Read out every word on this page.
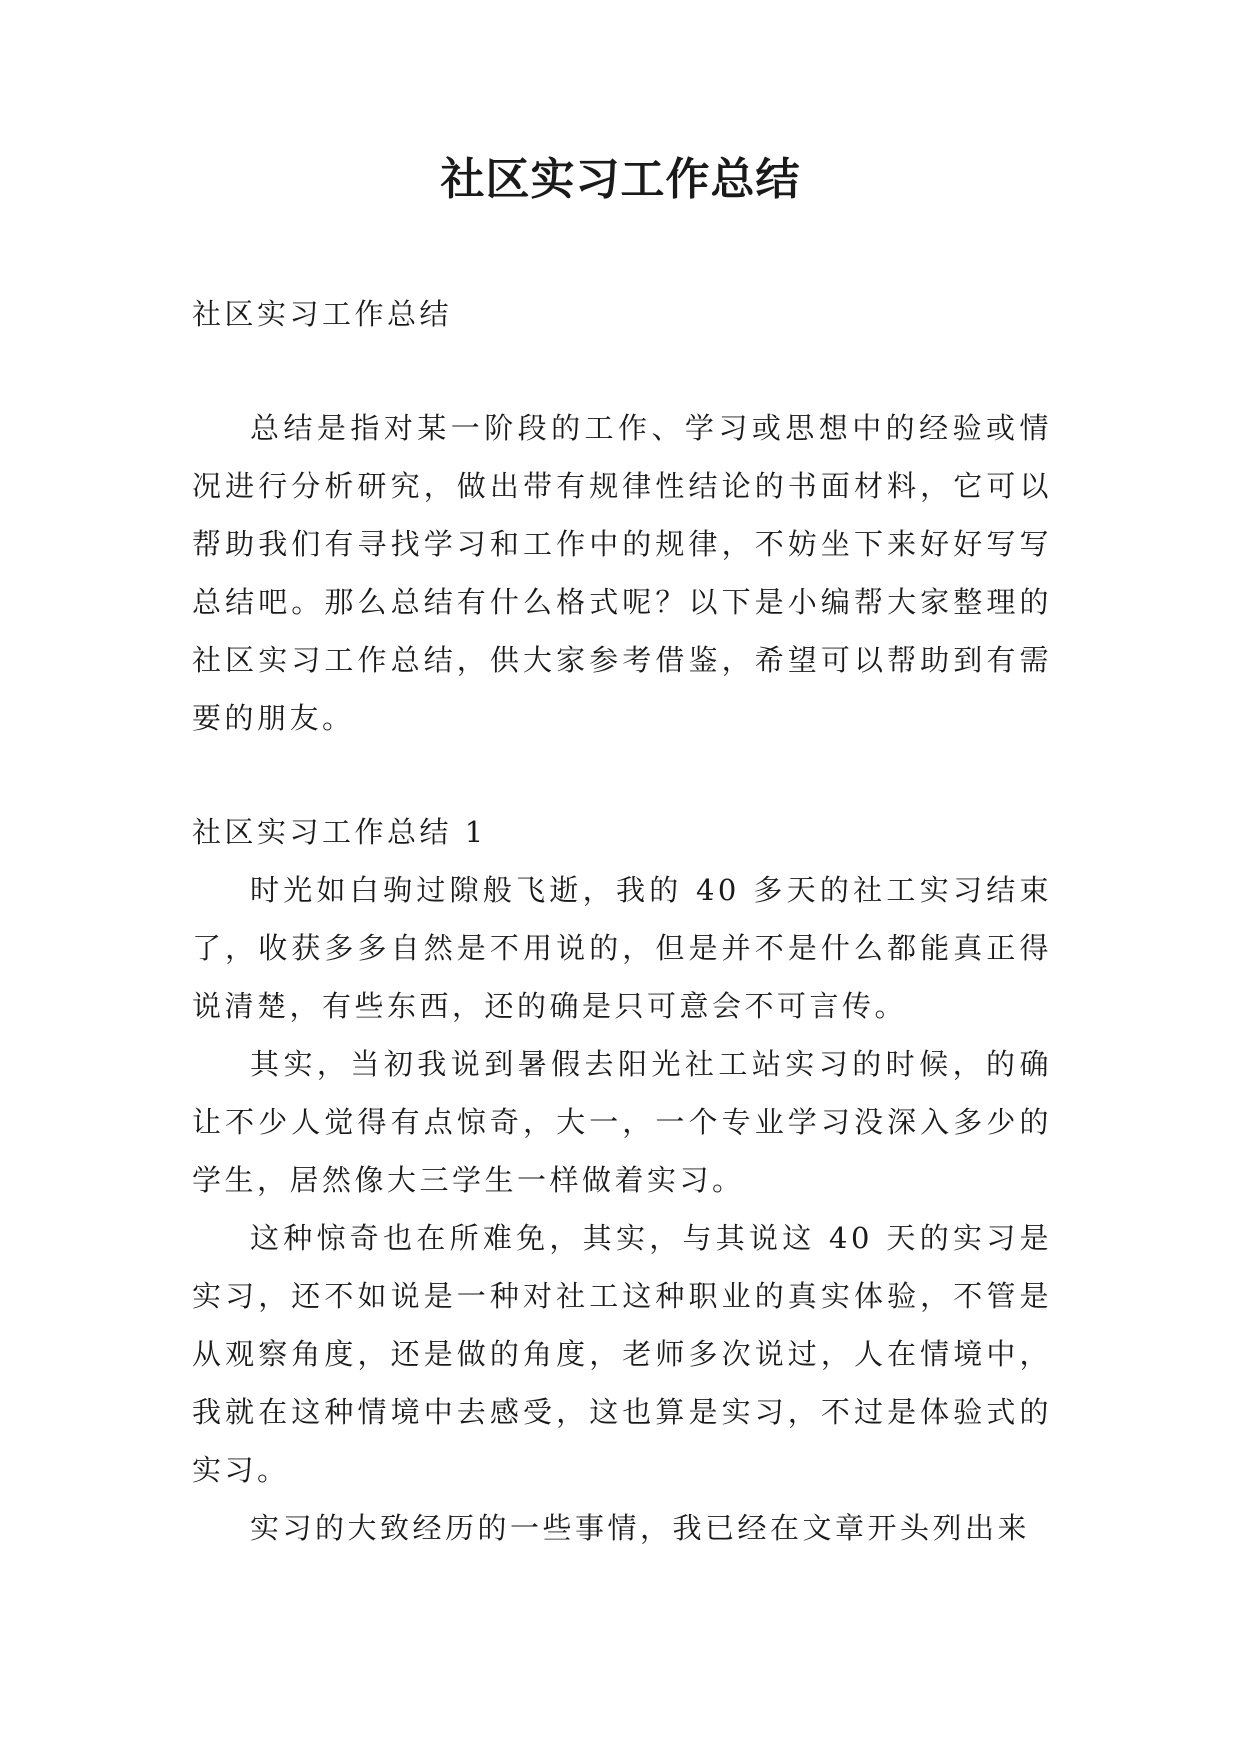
社区实习工作总结

社区实习工作总结

总结是指对某一阶段的工作、学习或思想中的经验或情况进行分析研究，做出带有规律性结论的书面材料，它可以帮助我们有寻找学习和工作中的规律，不妨坐下来好好写写总结吧。那么总结有什么格式呢？以下是小编帮大家整理的社区实习工作总结，供大家参考借鉴，希望可以帮助到有需要的朋友。

社区实习工作总结 1

时光如白驹过隙般飞逝，我的 40 多天的社工实习结束了，收获多多自然是不用说的，但是并不是什么都能真正得说清楚，有些东西，还的确是只可意会不可言传。

其实，当初我说到暑假去阳光社工站实习的时候，的确让不少人觉得有点惊奇，大一，一个专业学习没深入多少的学生，居然像大三学生一样做着实习。

这种惊奇也在所难免，其实，与其说这 40 天的实习是实习，还不如说是一种对社工这种职业的真实体验，不管是从观察角度，还是做的角度，老师多次说过，人在情境中，我就在这种情境中去感受，这也算是实习，不过是体验式的实习。

实习的大致经历的一些事情，我已经在文章开头列出来
